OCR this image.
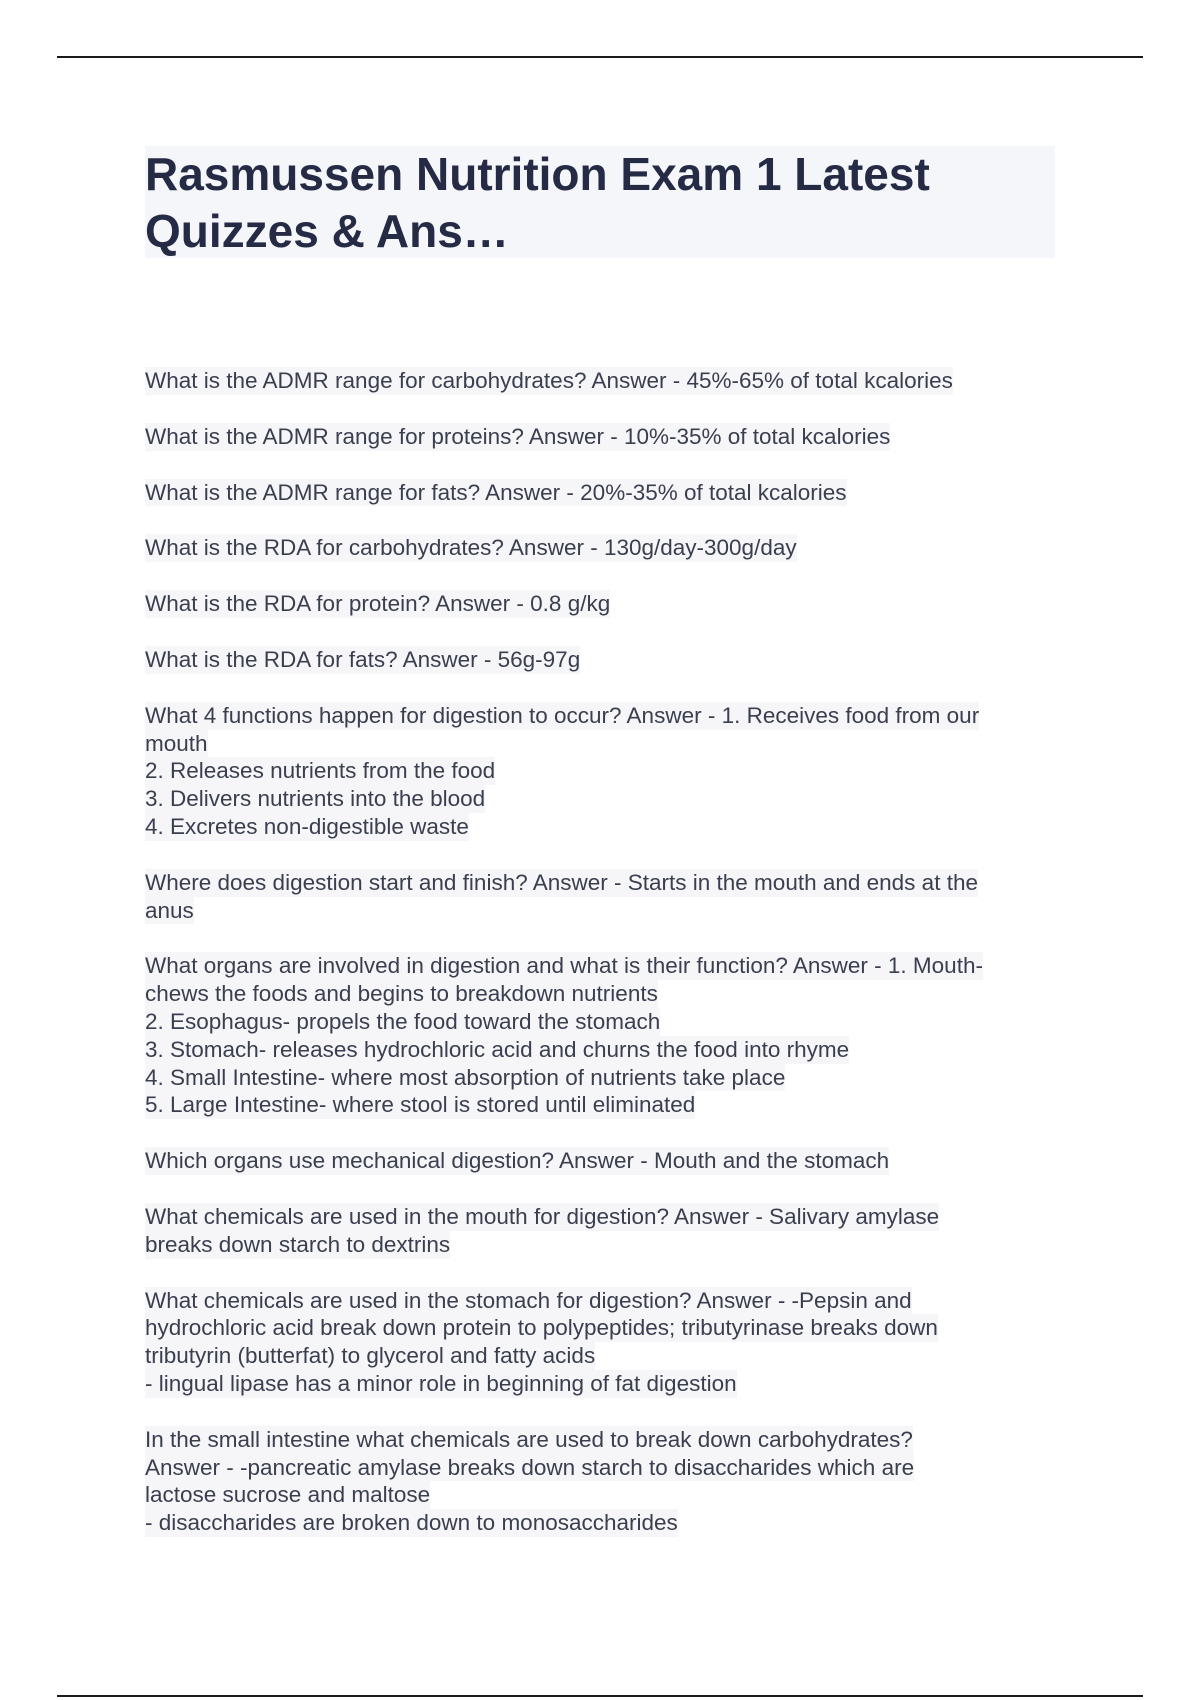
Rasmussen Nutrition Exam 1 Latest
Quizzes & Ans…
What is the ADMR range for carbohydrates? Answer - 45%-65% of total kcalories
What is the ADMR range for proteins? Answer - 10%-35% of total kcalories
What is the ADMR range for fats? Answer - 20%-35% of total kcalories
What is the RDA for carbohydrates? Answer - 130g/day-300g/day
What is the RDA for protein? Answer - 0.8 g/kg
What is the RDA for fats? Answer - 56g-97g
What 4 functions happen for digestion to occur? Answer - 1. Receives food from our
mouth
2. Releases nutrients from the food
3. Delivers nutrients into the blood
4. Excretes non-digestible waste
Where does digestion start and finish? Answer - Starts in the mouth and ends at the
anus
What organs are involved in digestion and what is their function? Answer - 1. Mouth-
chews the foods and begins to breakdown nutrients
2. Esophagus- propels the food toward the stomach
3. Stomach- releases hydrochloric acid and churns the food into rhyme
4. Small Intestine- where most absorption of nutrients take place
5. Large Intestine- where stool is stored until eliminated
Which organs use mechanical digestion? Answer - Mouth and the stomach
What chemicals are used in the mouth for digestion? Answer - Salivary amylase
breaks down starch to dextrins
What chemicals are used in the stomach for digestion? Answer - -Pepsin and
hydrochloric acid break down protein to polypeptides; tributyrinase breaks down
tributyrin (butterfat) to glycerol and fatty acids
- lingual lipase has a minor role in beginning of fat digestion
In the small intestine what chemicals are used to break down carbohydrates?
Answer - -pancreatic amylase breaks down starch to disaccharides which are
lactose sucrose and maltose
- disaccharides are broken down to monosaccharides
